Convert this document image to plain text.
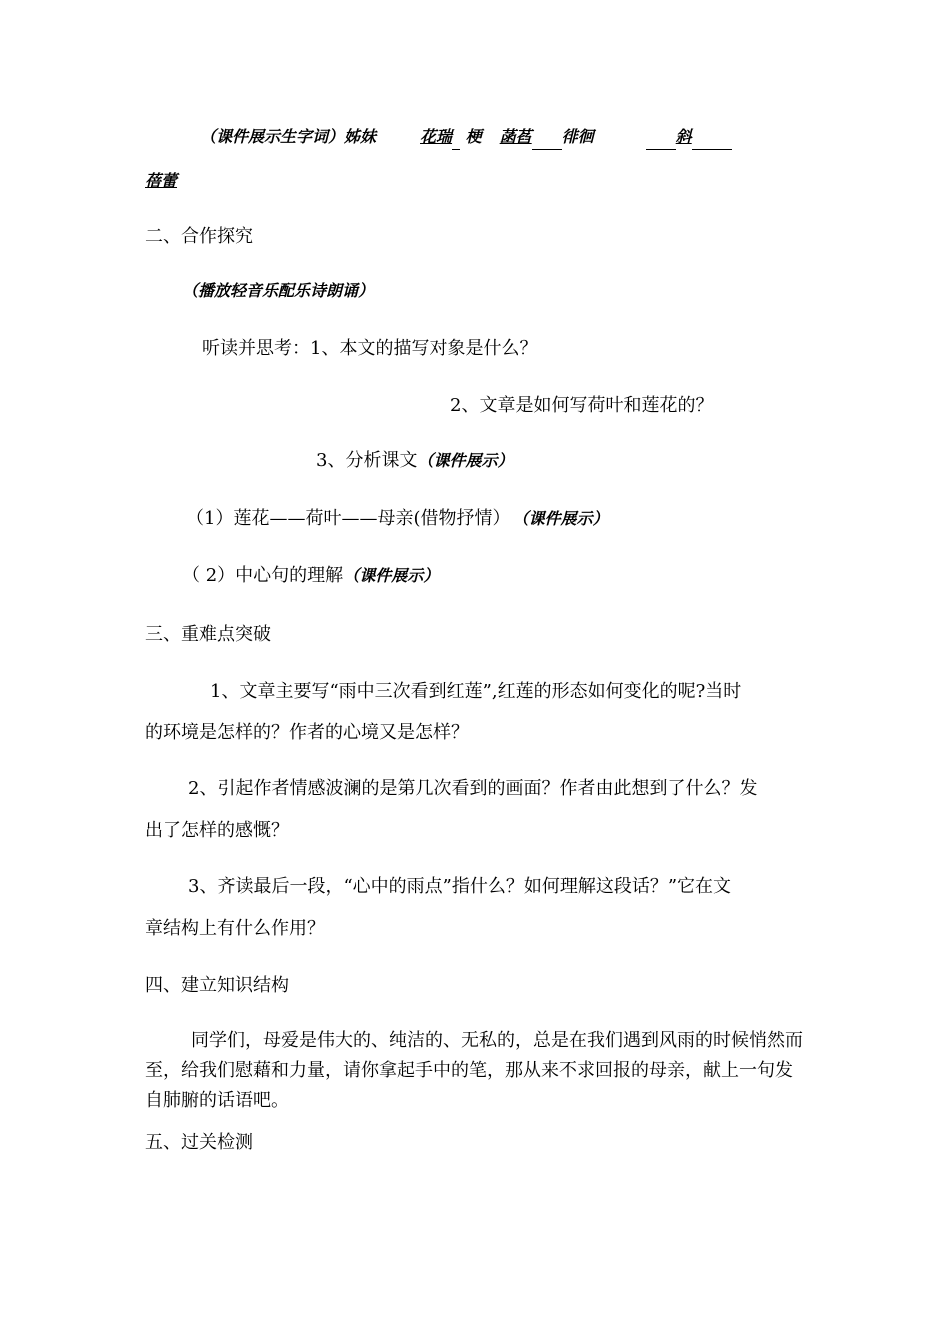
（课件展示生字词）姊妹	花瑞 梗 菡萏 徘徊	斜
蓓蕾
二、合作探究
（播放轻音乐配乐诗朗诵）
听读并思考：1、本文的描写对象是什么？
2、文章是如何写荷叶和莲花的？
3、分析课文（课件展示）
（1）莲花——荷叶——母亲(借物抒情） （课件展示）
（ 2）中心句的理解（课件展示）
三、重难点突破
1、文章主要写“雨中三次看到红莲”,红莲的形态如何变化的呢?当时
的环境是怎样的？作者的心境又是怎样？
2、引起作者情感波澜的是第几次看到的画面？作者由此想到了什么？发
出了怎样的感慨？
3、齐读最后一段，“心中的雨点”指什么？如何理解这段话？”它在文
章结构上有什么作用？
四、建立知识结构
同学们，母爱是伟大的、纯洁的、无私的，总是在我们遇到风雨的时候悄然而至，给我们慰藉和力量，请你拿起手中的笔，那从来不求回报的母亲，献上一句发自肺腑的话语吧。
五、过关检测
